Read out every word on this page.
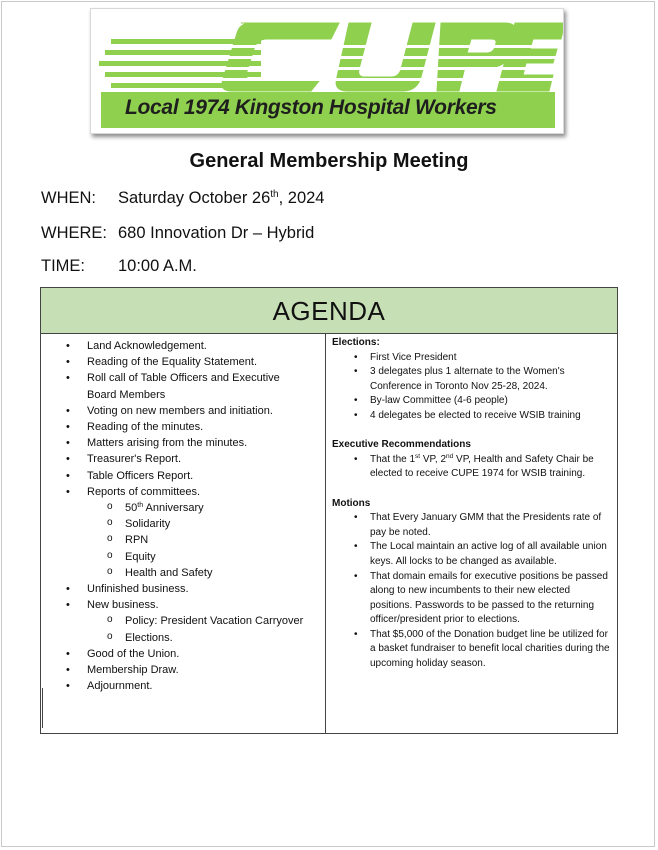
Local 1974 Kingston Hospital Workers
General Membership Meeting
WHEN: Saturday October 26th, 2024
WHERE: 680 Innovation Dr – Hybrid
TIME: 10:00 A.M.
AGENDA
• Land Acknowledgement.
• Reading of the Equality Statement.
• Roll call of Table Officers and Executive
Board Members
• Voting on new members and initiation.
• Reading of the minutes.
• Matters arising from the minutes.
• Treasurer's Report.
• Table Officers Report.
• Reports of committees.
o 50th Anniversary
o Solidarity
o RPN
o Equity
o Health and Safety
• Unfinished business.
• New business.
o Policy: President Vacation Carryover
o Elections.
• Good of the Union.
• Membership Draw.
• Adjournment.
Elections:
• First Vice President
• 3 delegates plus 1 alternate to the Women's Conference in Toronto Nov 25-28, 2024.
• By-law Committee (4-6 people)
• 4 delegates be elected to receive WSIB training
Executive Recommendations
• That the 1st VP, 2nd VP, Health and Safety Chair be elected to receive CUPE 1974 for WSIB training.
Motions
• That Every January GMM that the Presidents rate of pay be noted.
• The Local maintain an active log of all available union keys. All locks to be changed as available.
• That domain emails for executive positions be passed along to new incumbents to their new elected positions. Passwords to be passed to the returning officer/president prior to elections.
• That $5,000 of the Donation budget line be utilized for a basket fundraiser to benefit local charities during the upcoming holiday season.
